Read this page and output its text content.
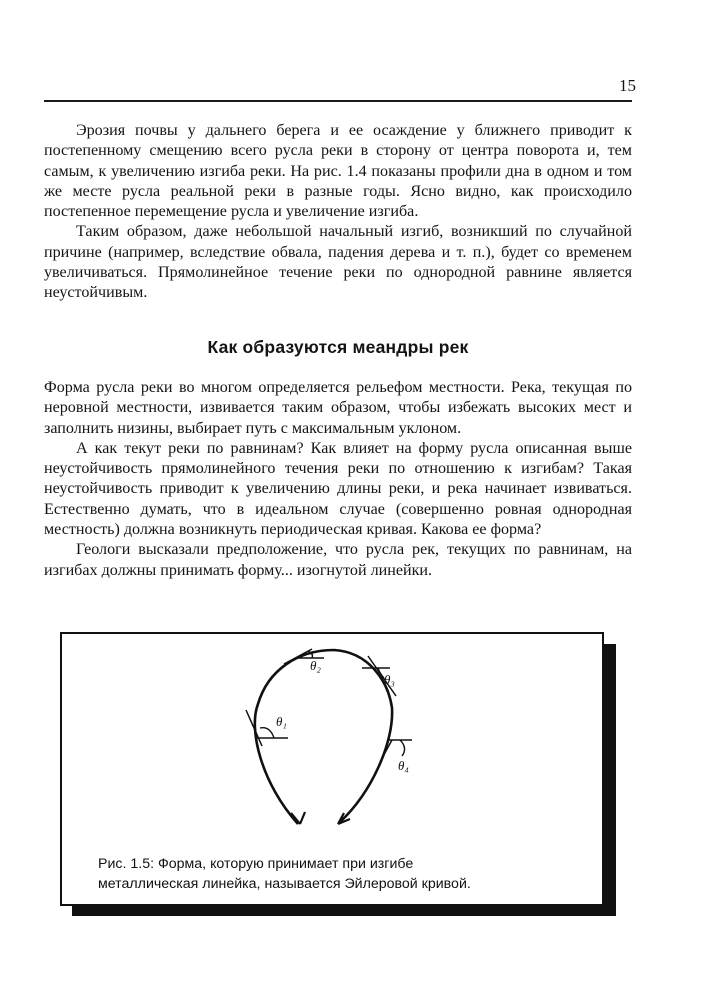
15

Эрозия почвы у дальнего берега и ее осаждение у ближнего приводит к постепенному смещению всего русла реки в сторону от центра поворота и, тем самым, к увеличению изгиба реки. На рис. 1.4 показаны профили дна в одном и том же месте русла реальной реки в разные годы. Ясно видно, как происходило постепенное перемещение русла и увеличение изгиба.

Таким образом, даже небольшой начальный изгиб, возникший по случайной причине (например, вследствие обвала, падения дерева и т. п.), будет со временем увеличиваться. Прямолинейное течение реки по однородной равнине является неустойчивым.

Как образуются меандры рек

Форма русла реки во многом определяется рельефом местности. Река, текущая по неровной местности, извивается таким образом, чтобы избежать высоких мест и заполнить низины, выбирает путь с максимальным уклоном.

А как текут реки по равнинам? Как влияет на форму русла описанная выше неустойчивость прямолинейного течения реки по отношению к изгибам? Такая неустойчивость приводит к увеличению длины реки, и река начинает извиваться. Естественно думать, что в идеальном случае (совершенно ровная однородная местность) должна возникнуть периодическая кривая. Какова ее форма?

Геологи высказали предположение, что русла рек, текущих по равнинам, на изгибах должны принимать форму... изогнутой линейки.

θ₁
θ₂
θ₃
θ₄
Рис. 1.5: Форма, которую принимает при изгибе
металлическая линейка, называется Эйлеровой кривой.
